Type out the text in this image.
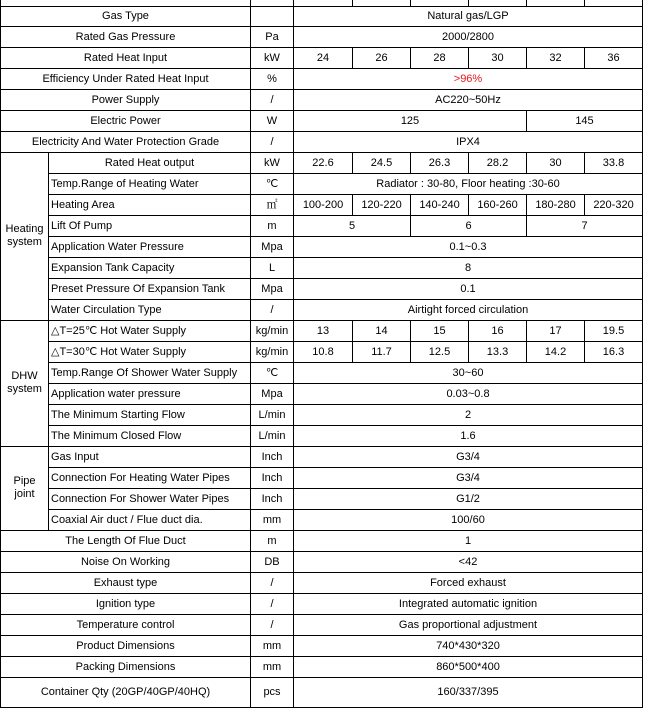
Gas Type			Natural gas/LGP					
Rated Gas Pressure		Pa	2000/2800					
Rated Heat Input		kW	24	26	28	30	32	36
Efficiency Under Rated Heat Input		%	>96%					
Power Supply		/	AC220~50Hz					
Electric Power		W	125				145	
Electricity And Water Protection Grade		/	IPX4					
Heating system	Rated Heat output	kW	22.6	24.5	26.3	28.2	30	33.8
	Temp.Range of Heating Water	℃	Radiator : 30-80, Floor heating :30-60					
	Heating Area	㎡	100-200	120-220	140-240	160-260	180-280	220-320
	Lift Of Pump	m	5		6		7	
	Application Water Pressure	Mpa	0.1~0.3					
	Expansion Tank Capacity	L	8					
	Preset Pressure Of Expansion Tank	Mpa	0.1					
	Water Circulation Type	/	Airtight forced circulation					
DHW system	△T=25℃ Hot Water Supply	kg/min	13	14	15	16	17	19.5
	△T=30℃ Hot Water Supply	kg/min	10.8	11.7	12.5	13.3	14.2	16.3
	Temp.Range Of Shower Water Supply	℃	30~60					
	Application water pressure	Mpa	0.03~0.8					
	The Minimum Starting Flow	L/min	2					
	The Minimum Closed Flow	L/min	1.6					
Pipe joint	Gas Input	Inch	G3/4					
	Connection For Heating Water Pipes	Inch	G3/4					
	Connection For Shower Water Pipes	Inch	G1/2					
	Coaxial Air duct / Flue duct dia.	mm	100/60					
The Length Of Flue Duct		m	1					
Noise On Working		DB	<42					
Exhaust type		/	Forced exhaust					
Ignition type		/	Integrated automatic ignition					
Temperature control		/	Gas proportional adjustment					
Product Dimensions		mm	740*430*320					
Packing Dimensions		mm	860*500*400					
Container Qty (20GP/40GP/40HQ)		pcs	160/337/395					
